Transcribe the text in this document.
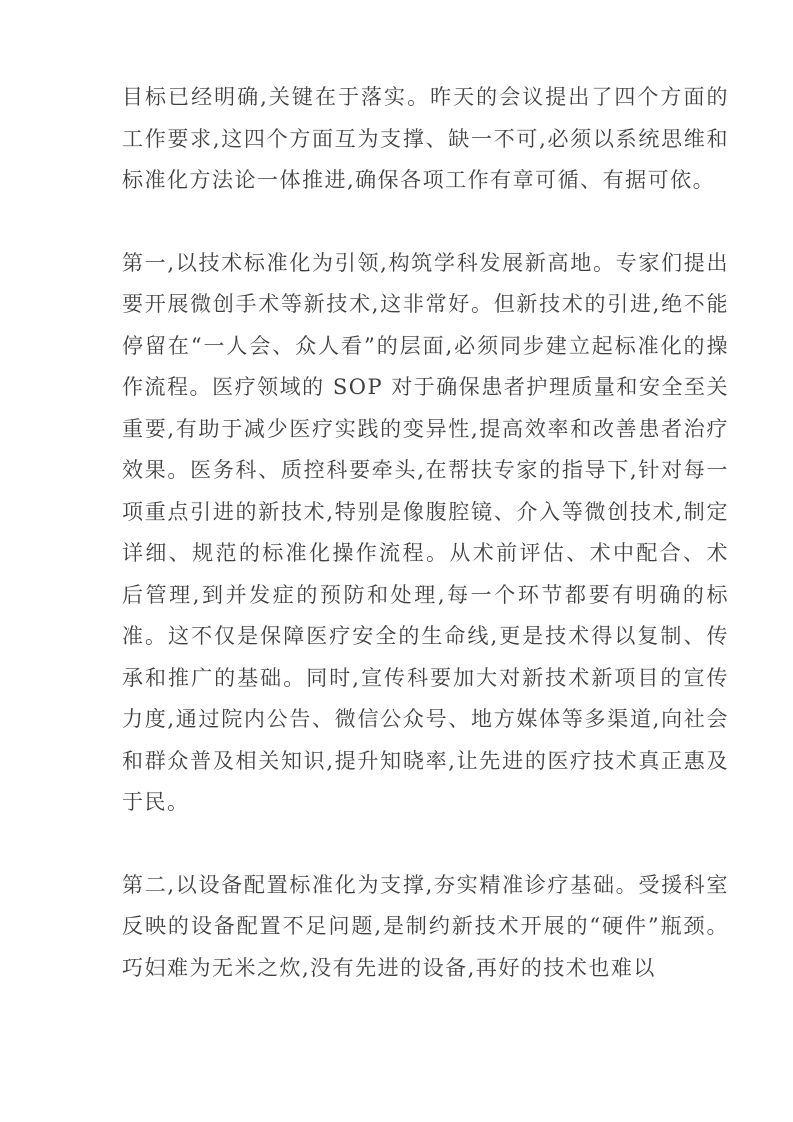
目标已经明确,关键在于落实。昨天的会议提出了四个方面的工作要求,这四个方面互为支撑、缺一不可,必须以系统思维和标准化方法论一体推进,确保各项工作有章可循、有据可依。

第一,以技术标准化为引领,构筑学科发展新高地。专家们提出要开展微创手术等新技术,这非常好。但新技术的引进,绝不能停留在“一人会、众人看”的层面,必须同步建立起标准化的操作流程。医疗领域的 SOP 对于确保患者护理质量和安全至关重要,有助于减少医疗实践的变异性,提高效率和改善患者治疗效果。医务科、质控科要牵头,在帮扶专家的指导下,针对每一项重点引进的新技术,特别是像腹腔镜、介入等微创技术,制定详细、规范的标准化操作流程。从术前评估、术中配合、术后管理,到并发症的预防和处理,每一个环节都要有明确的标准。这不仅是保障医疗安全的生命线,更是技术得以复制、传承和推广的基础。同时,宣传科要加大对新技术新项目的宣传力度,通过院内公告、微信公众号、地方媒体等多渠道,向社会和群众普及相关知识,提升知晓率,让先进的医疗技术真正惠及于民。

第二,以设备配置标准化为支撑,夯实精准诊疗基础。受援科室反映的设备配置不足问题,是制约新技术开展的“硬件”瓶颈。巧妇难为无米之炊,没有先进的设备,再好的技术也难以
